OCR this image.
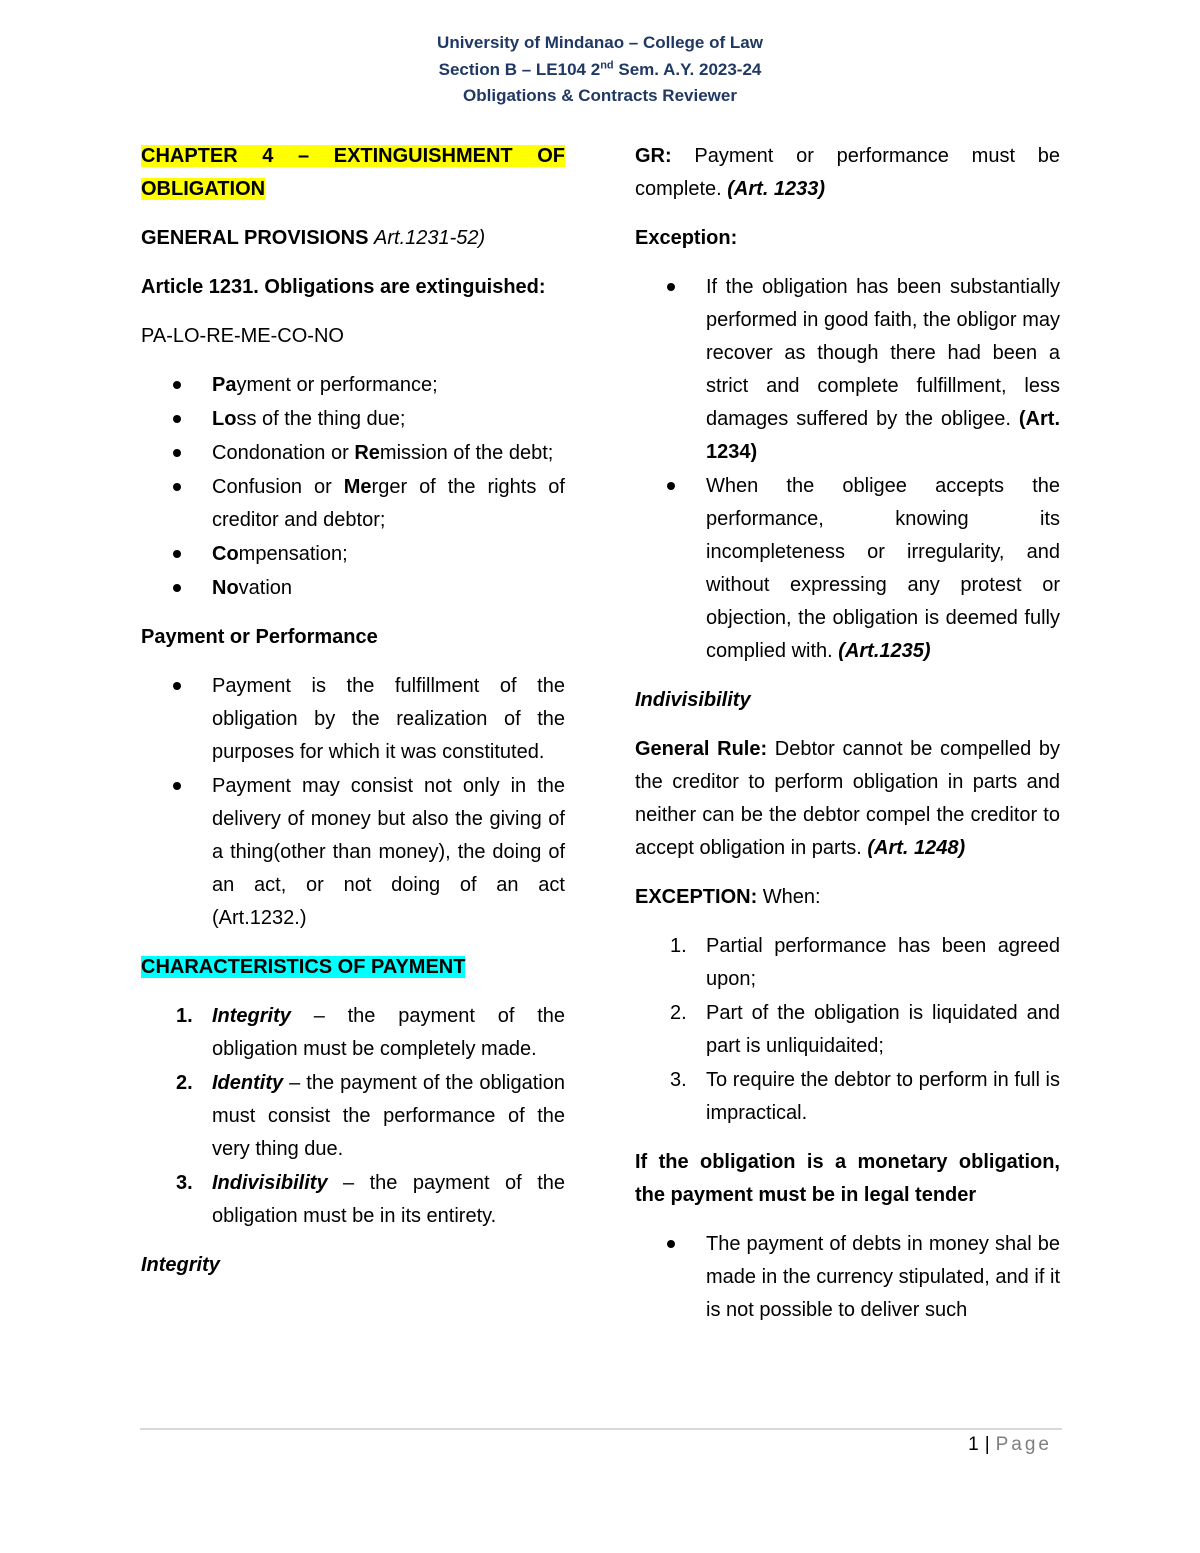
University of Mindanao – College of Law
Section B – LE104 2nd Sem. A.Y. 2023-24
Obligations & Contracts Reviewer

CHAPTER 4 – EXTINGUISHMENT OF OBLIGATION

GENERAL PROVISIONS Art.1231-52)

Article 1231. Obligations are extinguished:

PA-LO-RE-ME-CO-NO

Payment or performance;
Loss of the thing due;
Condonation or Remission of the debt;
Confusion or Merger of the rights of creditor and debtor;
Compensation;
Novation

Payment or Performance

Payment is the fulfillment of the obligation by the realization of the purposes for which it was constituted.
Payment may consist not only in the delivery of money but also the giving of a thing(other than money), the doing of an act, or not doing of an act (Art.1232.)

CHARACTERISTICS OF PAYMENT

1. Integrity – the payment of the obligation must be completely made.
2. Identity – the payment of the obligation must consist the performance of the very thing due.
3. Indivisibility – the payment of the obligation must be in its entirety.

Integrity

GR: Payment or performance must be complete. (Art. 1233)

Exception:

If the obligation has been substantially performed in good faith, the obligor may recover as though there had been a strict and complete fulfillment, less damages suffered by the obligee. (Art. 1234)
When the obligee accepts the performance, knowing its incompleteness or irregularity, and without expressing any protest or objection, the obligation is deemed fully complied with. (Art.1235)

Indivisibility

General Rule: Debtor cannot be compelled by the creditor to perform obligation in parts and neither can be the debtor compel the creditor to accept obligation in parts. (Art. 1248)

EXCEPTION: When:

1. Partial performance has been agreed upon;
2. Part of the obligation is liquidated and part is unliquidaited;
3. To require the debtor to perform in full is impractical.

If the obligation is a monetary obligation, the payment must be in legal tender

The payment of debts in money shal be made in the currency stipulated, and if it is not possible to deliver such
1 | Page
